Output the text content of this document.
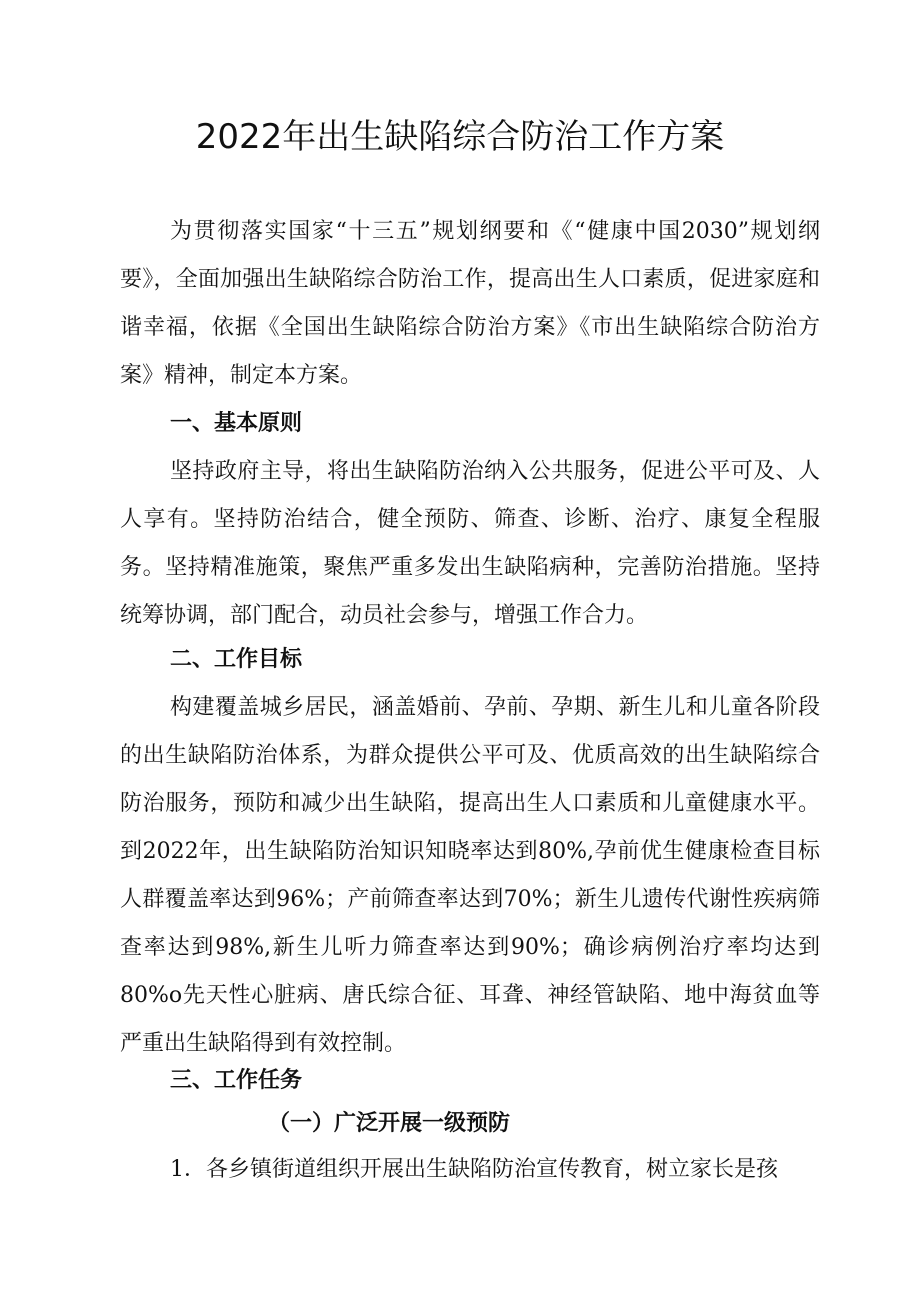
2022年出生缺陷综合防治工作方案

为贯彻落实国家“十三五”规划纲要和《“健康中国2030”规划纲要》，全面加强出生缺陷综合防治工作，提高出生人口素质，促进家庭和谐幸福，依据《全国出生缺陷综合防治方案》《市出生缺陷综合防治方案》精神，制定本方案。

一、基本原则

坚持政府主导，将出生缺陷防治纳入公共服务，促进公平可及、人人享有。坚持防治结合，健全预防、筛查、诊断、治疗、康复全程服务。坚持精准施策，聚焦严重多发出生缺陷病种，完善防治措施。坚持统筹协调，部门配合，动员社会参与，增强工作合力。

二、工作目标

构建覆盖城乡居民，涵盖婚前、孕前、孕期、新生儿和儿童各阶段的出生缺陷防治体系，为群众提供公平可及、优质高效的出生缺陷综合防治服务，预防和减少出生缺陷，提高出生人口素质和儿童健康水平。到2022年，出生缺陷防治知识知晓率达到80%,孕前优生健康检查目标人群覆盖率达到96%；产前筛查率达到70%；新生儿遗传代谢性疾病筛查率达到98%,新生儿听力筛查率达到90%；确诊病例治疗率均达到80%o先天性心脏病、唐氏综合征、耳聋、神经管缺陷、地中海贫血等严重出生缺陷得到有效控制。

三、工作任务
（一）广泛开展一级预防

1．各乡镇街道组织开展出生缺陷防治宣传教育，树立家长是孩
